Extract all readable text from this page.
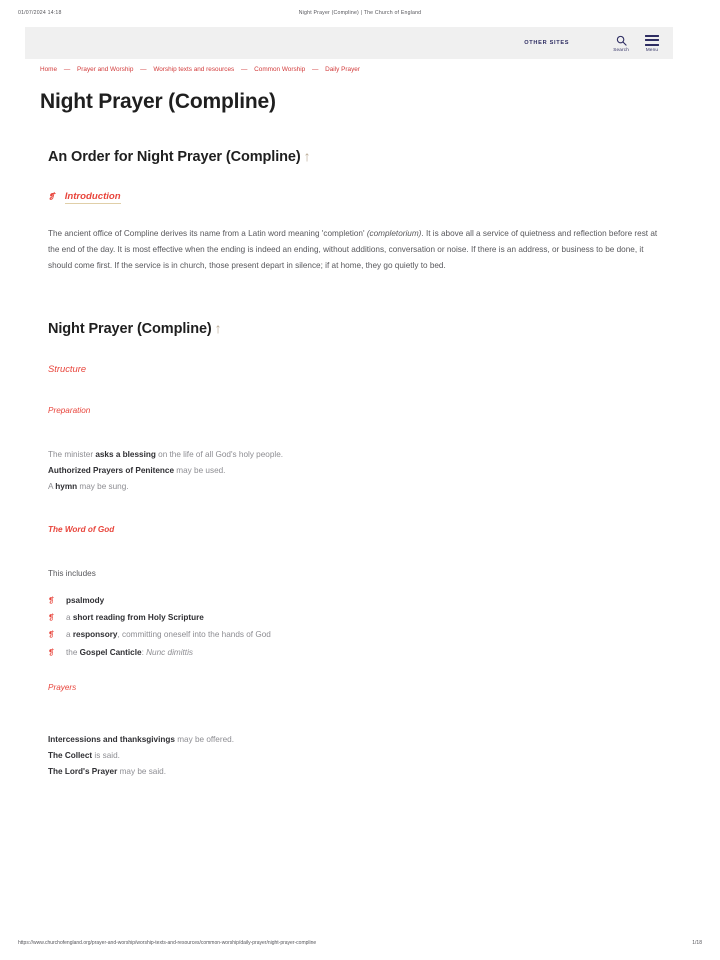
01/07/2024 14:18	Night Prayer (Compline) | The Church of England
OTHER SITES
Search	Menu
Home — Prayer and Worship — Worship texts and resources — Common Worship — Daily Prayer
Night Prayer (Compline)
An Order for Night Prayer (Compline) ↑
❡ Introduction

The ancient office of Compline derives its name from a Latin word meaning 'completion' (completorium). It is above all a service of quietness and reflection before rest at the end of the day. It is most effective when the ending is indeed an ending, without additions, conversation or noise. If there is an address, or business to be done, it should come first. If the service is in church, those present depart in silence; if at home, they go quietly to bed.

Night Prayer (Compline) ↑
Structure
Preparation

The minister asks a blessing on the life of all God's holy people.

Authorized Prayers of Penitence may be used.

A hymn may be sung.

The Word of God

This includes

❡	psalmody
❡	a short reading from Holy Scripture
❡	a responsory, committing oneself into the hands of God
❡	the Gospel Canticle: Nunc dimittis
Prayers

Intercessions and thanksgivings may be offered.

The Collect is said.

The Lord's Prayer may be said.

https://www.churchofengland.org/prayer-and-worship/worship-texts-and-resources/common-worship/daily-prayer/night-prayer-compline	1/18
